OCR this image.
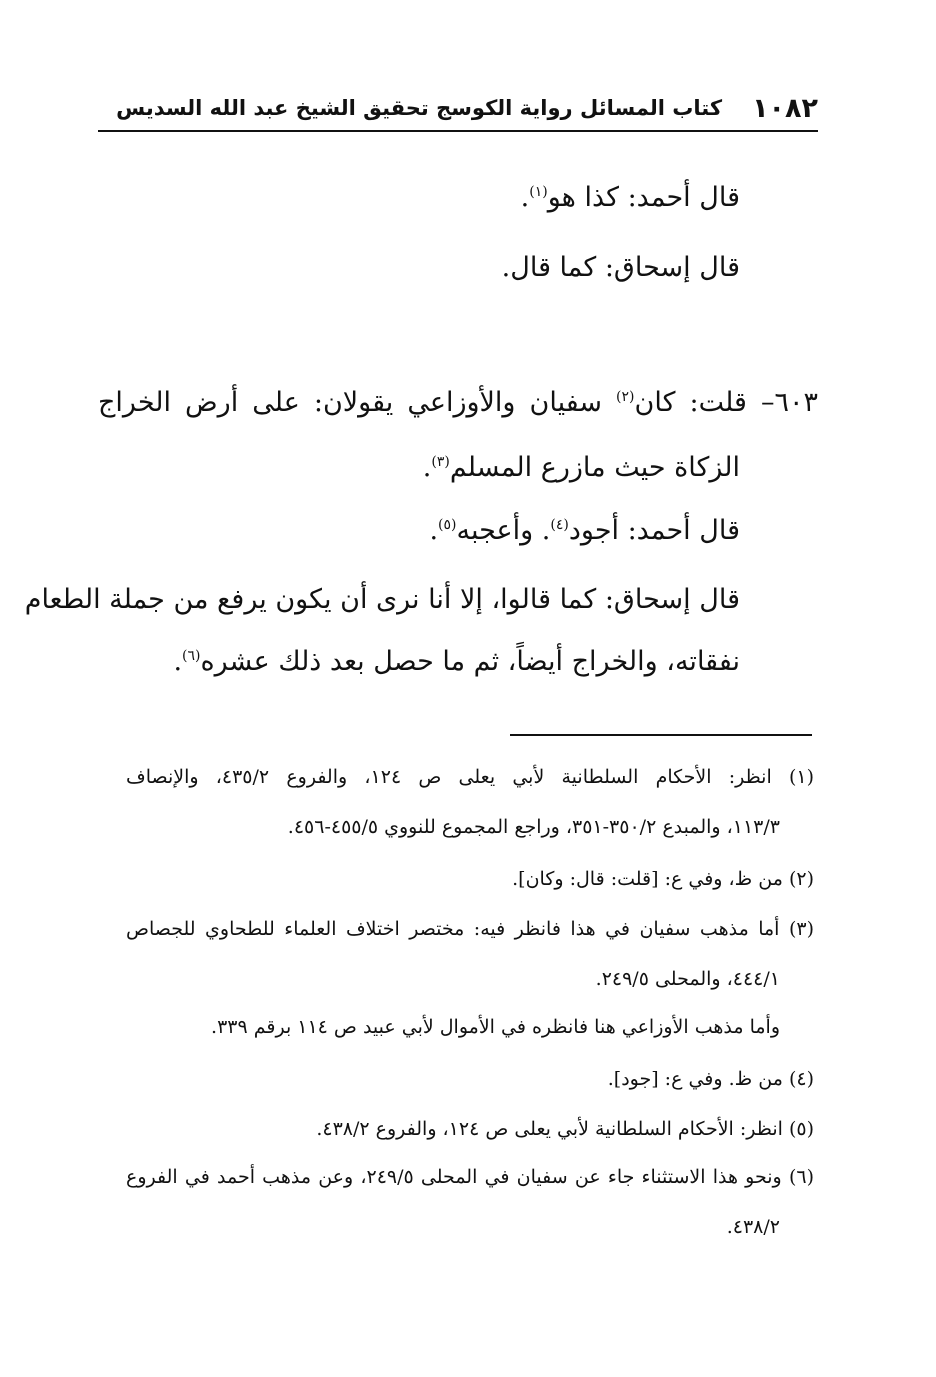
١٠٨٢
كتاب المسائل رواية الكوسج تحقيق الشيخ عبد الله السديس
قال أحمد: كذا هو$^{(١)}$.
قال إسحاق: كما قال.
٦٠٣– قلت: كان$^{(٢)}$ سفيان والأوزاعي يقولان: على أرض الخراج
الزكاة حيث مازرع المسلم$^{(٣)}$.
قال أحمد: أجود$^{(٤)}$. وأعجبه$^{(٥)}$.
قال إسحاق: كما قالوا، إلا أنا نرى أن يكون يرفع من جملة الطعام
نفقاته، والخراج أيضاً، ثم ما حصل بعد ذلك عشره$^{(٦)}$.
(١) انظر: الأحكام السلطانية لأبي يعلى ص ١٢٤، والفروع ٤٣٥/٢، والإنصاف
١١٣/٣، والمبدع ٣٥٠/٢-٣٥١، وراجع المجموع للنووي ٤٥٥/٥-٤٥٦.
(٢) من ظ، وفي ع: [قلت: قال: وكان].
(٣) أما مذهب سفيان في هذا فانظر فيه: مختصر اختلاف العلماء للطحاوي للجصاص
٤٤٤/١، والمحلى ٢٤٩/٥.
وأما مذهب الأوزاعي هنا فانظره في الأموال لأبي عبيد ص ١١٤ برقم ٣٣٩.
(٤) من ظ. وفي ع: [جود].
(٥) انظر: الأحكام السلطانية لأبي يعلى ص ١٢٤، والفروع ٤٣٨/٢.
(٦) ونحو هذا الاستثناء جاء عن سفيان في المحلى ٢٤٩/٥، وعن مذهب أحمد في الفروع
٤٣٨/٢.
